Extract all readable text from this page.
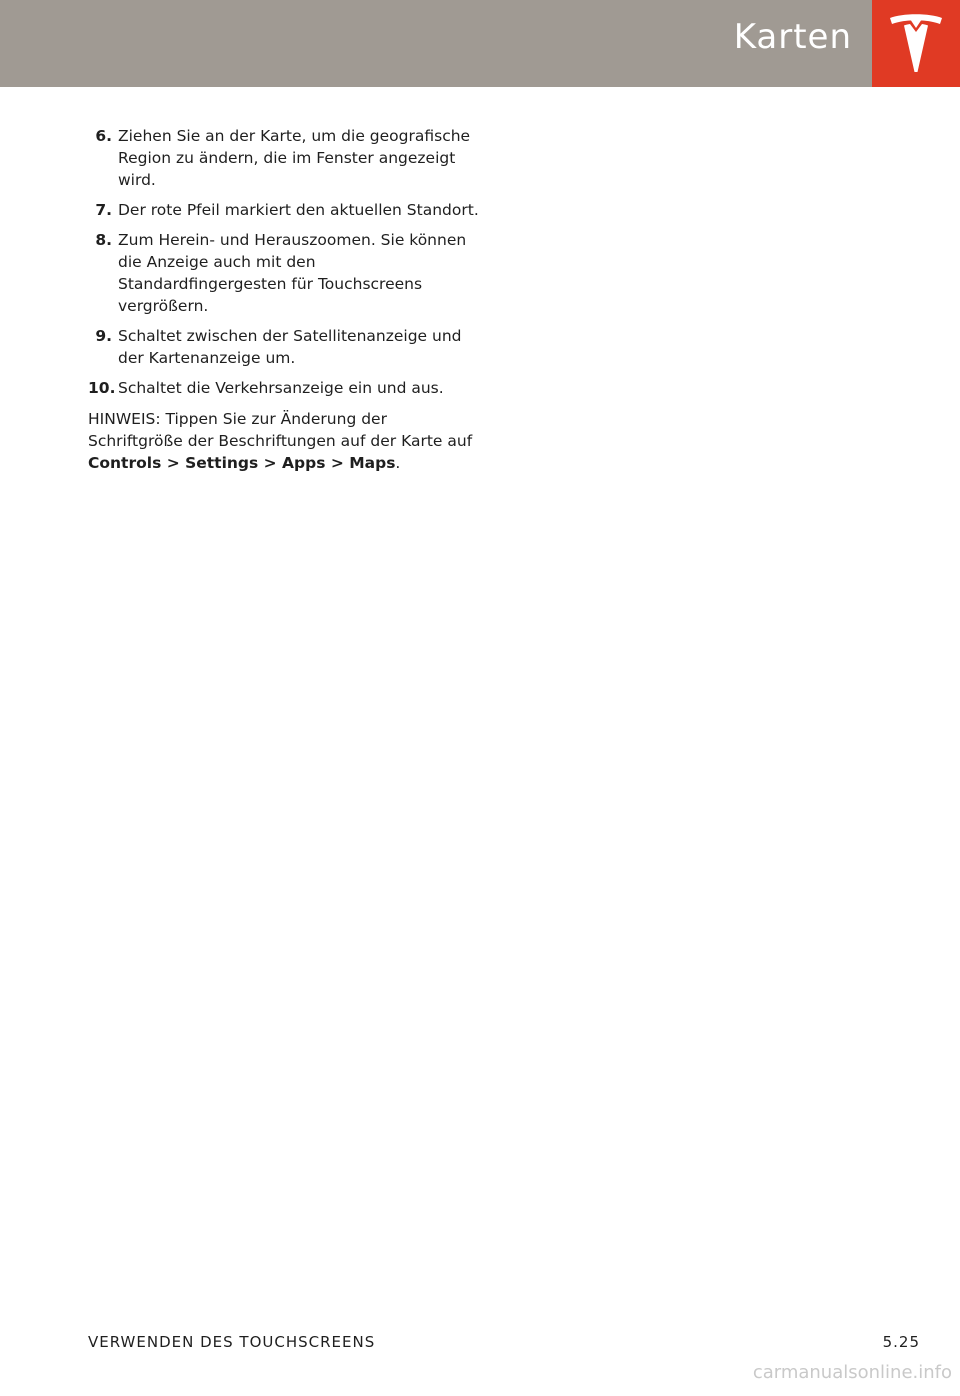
Karten
6. Ziehen Sie an der Karte, um die geografische Region zu ändern, die im Fenster angezeigt wird.
7. Der rote Pfeil markiert den aktuellen Standort.
8. Zum Herein- und Herauszoomen. Sie können die Anzeige auch mit den Standardfingergesten für Touchscreens vergrößern.
9. Schaltet zwischen der Satellitenanzeige und der Kartenanzeige um.
10. Schaltet die Verkehrsanzeige ein und aus.
HINWEIS: Tippen Sie zur Änderung der Schriftgröße der Beschriftungen auf der Karte auf Controls > Settings > Apps > Maps.
VERWENDEN DES TOUCHSCREENS	5.25
carmanualsonline.info
